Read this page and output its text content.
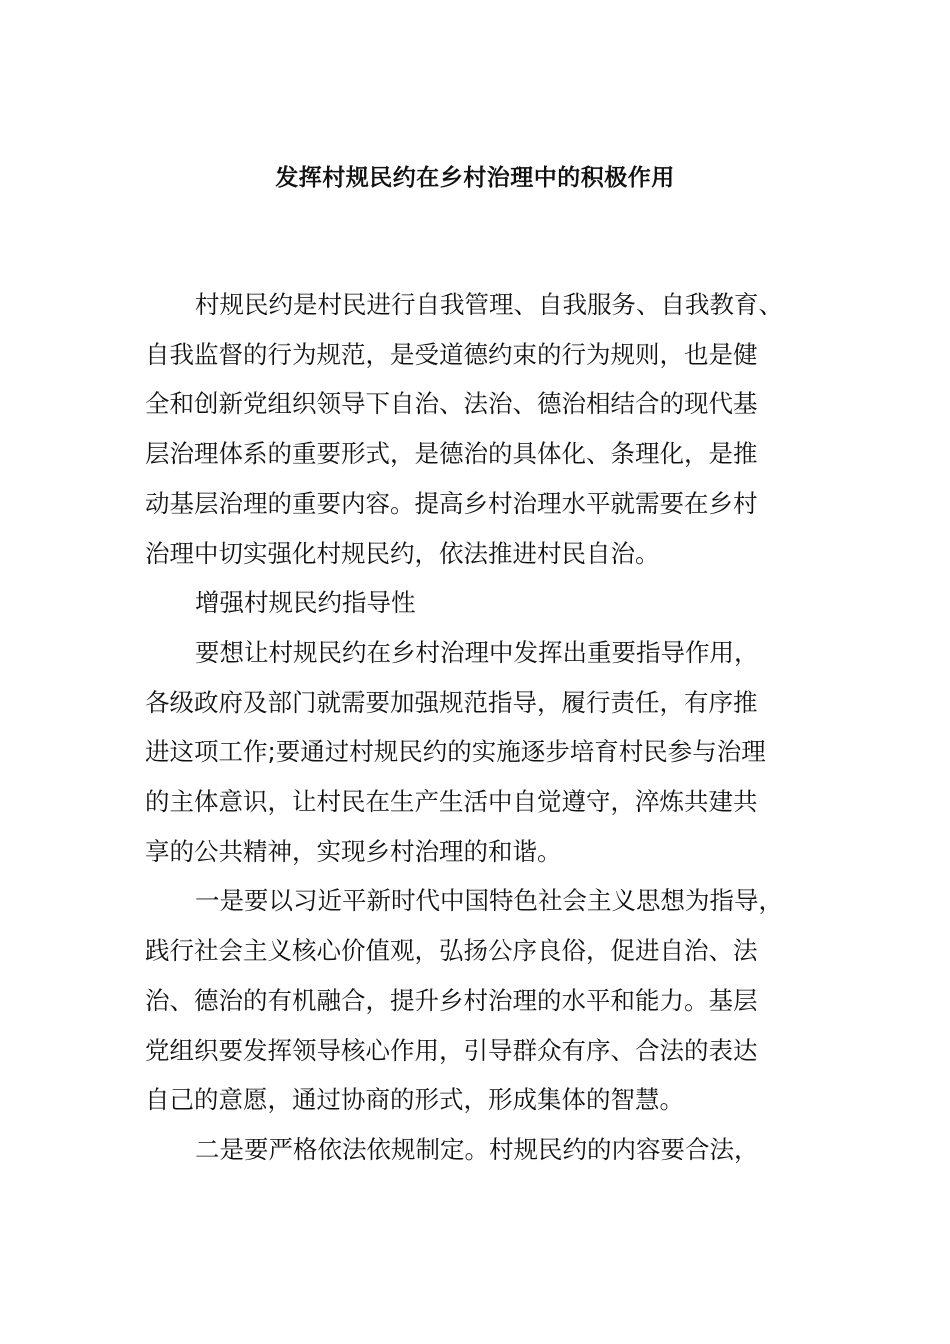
发挥村规民约在乡村治理中的积极作用
村规民约是村民进行自我管理、自我服务、自我教育、
自我监督的行为规范，是受道德约束的行为规则，也是健
全和创新党组织领导下自治、法治、德治相结合的现代基
层治理体系的重要形式，是德治的具体化、条理化，是推
动基层治理的重要内容。提高乡村治理水平就需要在乡村
治理中切实强化村规民约，依法推进村民自治。
增强村规民约指导性
要想让村规民约在乡村治理中发挥出重要指导作用，
各级政府及部门就需要加强规范指导，履行责任，有序推
进这项工作;要通过村规民约的实施逐步培育村民参与治理
的主体意识，让村民在生产生活中自觉遵守，淬炼共建共
享的公共精神，实现乡村治理的和谐。
一是要以习近平新时代中国特色社会主义思想为指导，
践行社会主义核心价值观，弘扬公序良俗，促进自治、法
治、德治的有机融合，提升乡村治理的水平和能力。基层
党组织要发挥领导核心作用，引导群众有序、合法的表达
自己的意愿，通过协商的形式，形成集体的智慧。
二是要严格依法依规制定。村规民约的内容要合法，
